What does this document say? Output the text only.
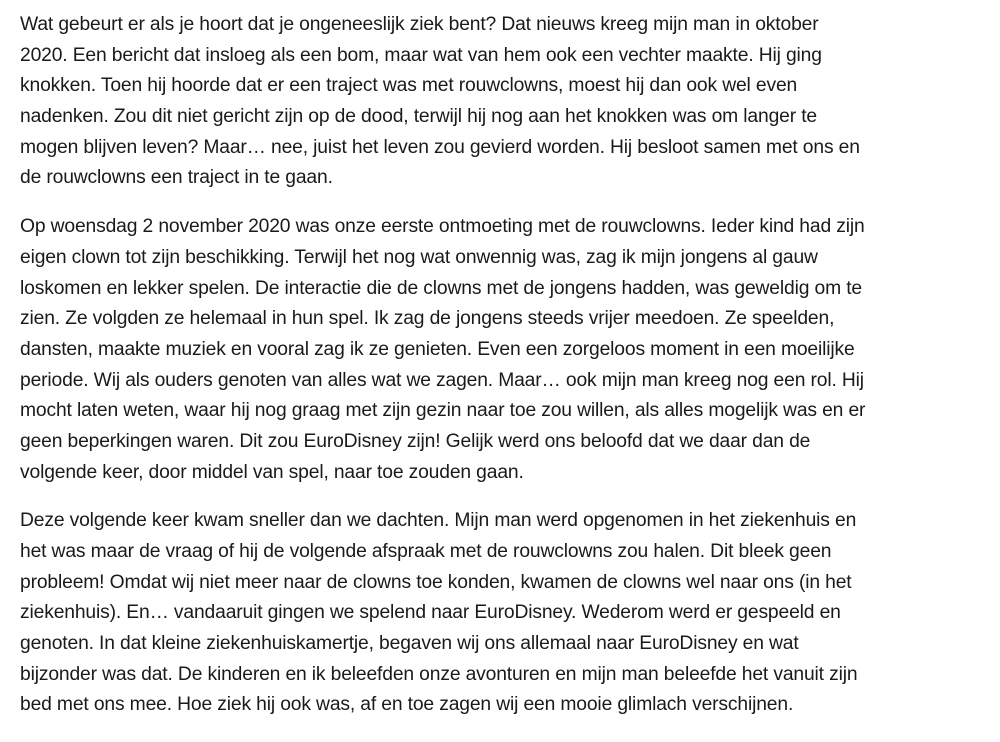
Wat gebeurt er als je hoort dat je ongeneeslijk ziek bent? Dat nieuws kreeg mijn man in oktober
2020. Een bericht dat insloeg als een bom, maar wat van hem ook een vechter maakte. Hij ging
knokken. Toen hij hoorde dat er een traject was met rouwclowns, moest hij dan ook wel even
nadenken. Zou dit niet gericht zijn op de dood, terwijl hij nog aan het knokken was om langer te
mogen blijven leven? Maar… nee, juist het leven zou gevierd worden. Hij besloot samen met ons en
de rouwclowns een traject in te gaan.

Op woensdag 2 november 2020 was onze eerste ontmoeting met de rouwclowns. Ieder kind had zijn
eigen clown tot zijn beschikking. Terwijl het nog wat onwennig was, zag ik mijn jongens al gauw
loskomen en lekker spelen. De interactie die de clowns met de jongens hadden, was geweldig om te
zien. Ze volgden ze helemaal in hun spel. Ik zag de jongens steeds vrijer meedoen. Ze speelden,
dansten, maakte muziek en vooral zag ik ze genieten. Even een zorgeloos moment in een moeilijke
periode. Wij als ouders genoten van alles wat we zagen. Maar… ook mijn man kreeg nog een rol. Hij
mocht laten weten, waar hij nog graag met zijn gezin naar toe zou willen, als alles mogelijk was en er
geen beperkingen waren. Dit zou EuroDisney zijn! Gelijk werd ons beloofd dat we daar dan de
volgende keer, door middel van spel, naar toe zouden gaan.

Deze volgende keer kwam sneller dan we dachten. Mijn man werd opgenomen in het ziekenhuis en
het was maar de vraag of hij de volgende afspraak met de rouwclowns zou halen. Dit bleek geen
probleem! Omdat wij niet meer naar de clowns toe konden, kwamen de clowns wel naar ons (in het
ziekenhuis). En… vandaaruit gingen we spelend naar EuroDisney. Wederom werd er gespeeld en
genoten. In dat kleine ziekenhuiskamertje, begaven wij ons allemaal naar EuroDisney en wat
bijzonder was dat. De kinderen en ik beleefden onze avonturen en mijn man beleefde het vanuit zijn
bed met ons mee. Hoe ziek hij ook was, af en toe zagen wij een mooie glimlach verschijnen.
